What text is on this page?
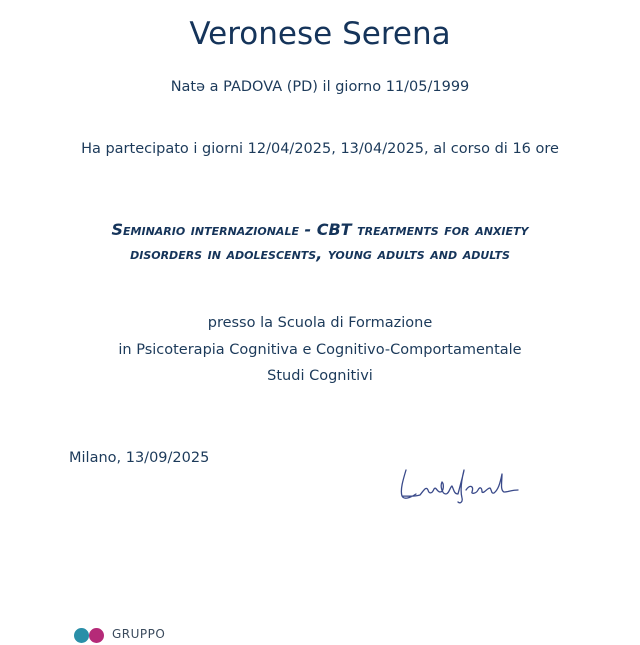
Veronese Serena
Natǝ a PADOVA (PD) il giorno 11/05/1999
Ha partecipato i giorni 12/04/2025, 13/04/2025, al corso di 16 ore
Seminario internazionale - CBT treatments for anxiety disorders in adolescents, young adults and adults
presso la Scuola di Formazione
in Psicoterapia Cognitiva e Cognitivo-Comportamentale
Studi Cognitivi
Milano, 13/09/2025
GRUPPO
